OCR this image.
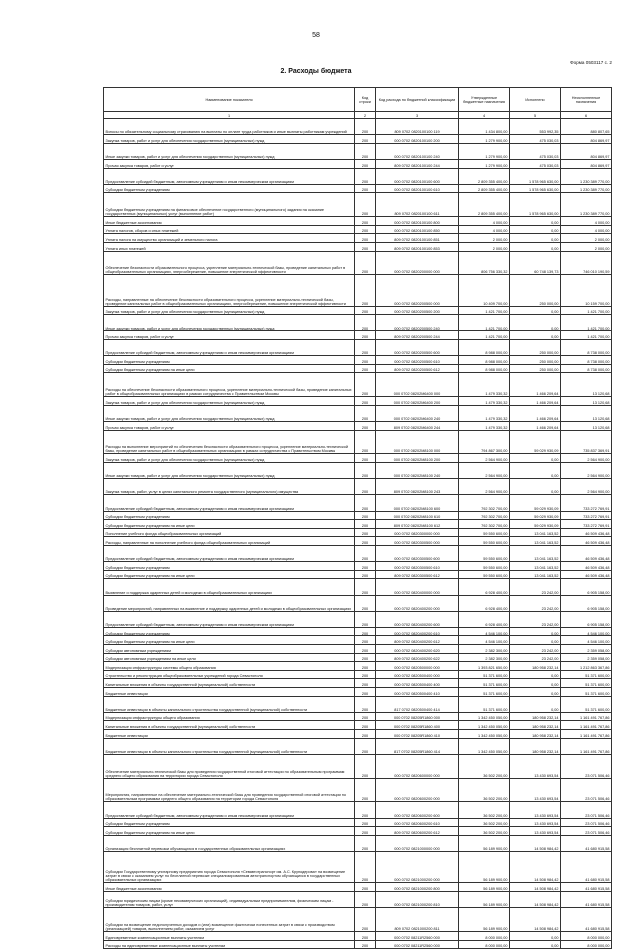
58
Форма 0503117 с. 2
2. Расходы бюджета
Наименование показателя	Код строки	Код расхода по бюджетной классификации	Утвержденные бюджетные назначения	Исполнено	Неисполненные назначения
1	2	3	4	5	6
Взносы по обязательному социальному страхованию на выплаты по оплате труда работников и иные выплаты работникам учреждений	200	809 0702 0820100100 119	1 434 800,00	553 992,35	880 807,65
Закупка товаров, работ и услуг для обеспечения государственных (муниципальных) нужд	200	000 0702 0820100100 200	1 279 900,00	475 030,03	804 869,97
Иные закупки товаров, работ и услуг для обеспечения государственных (муниципальных) нужд	200	000 0702 0820100100 240	1 279 900,00	475 030,03	804 869,97
Прочая закупка товаров, работ и услуг	200	809 0702 0820100100 244	1 279 900,00	475 030,03	804 869,97
Предоставление субсидий бюджетным, автономным учреждениям и иным некоммерческим организациям	200	000 0702 0820100100 600	2 809 355 400,00	1 578 965 630,00	1 230 389 770,00
Субсидии бюджетным учреждениям	200	000 0702 0820100100 610	2 809 355 400,00	1 578 965 630,00	1 230 389 770,00
Субсидии бюджетным учреждениям на финансовое обеспечение государственного (муниципального) задания на оказание государственных (муниципальных) услуг (выполнение работ)	200	809 0702 0820100100 611	2 809 355 400,00	1 578 965 630,00	1 230 389 770,00
Иные бюджетные ассигнования	200	000 0702 0820100100 800	4 000,00	0,00	4 000,00
Уплата налогов, сборов и иных платежей	200	000 0702 0820100100 850	4 000,00	0,00	4 000,00
Уплата налога на имущество организаций и земельного налога	200	809 0702 0820100100 851	2 000,00	0,00	2 000,00
Уплата иных платежей	200	809 0702 0820100100 853	2 000,00	0,00	2 000,00
Обеспечение безопасности образовательного процесса, укрепление материально-технической базы, проведение капитальных работ в общеобразовательных организациях, энергосбережение, повышение энергетической эффективности	200	000 0702 0820200000 000	806 756 330,32	60 748 139,73	746 010 190,59
Расходы, направленные на обеспечение безопасности образовательного процесса, укрепление материально-технической базы, проведение капитальных работ в общеобразовательных организациях, энергосбережение, повышение энергетической эффективности	200	000 0702 0820200500 000	10 409 700,00	250 000,00	10 159 700,00
Закупка товаров, работ и услуг для обеспечения государственных (муниципальных) нужд	200	000 0702 0820200500 200	1 421 700,00	0,00	1 421 700,00
Иные закупки товаров, работ и услуг для обеспечения государственных (муниципальных) нужд	200	000 0702 0820200500 240	1 421 700,00	0,00	1 421 700,00
Прочая закупка товаров, работ и услуг	200	809 0702 0820200500 244	1 421 700,00	0,00	1 421 700,00
Предоставление субсидий бюджетным, автономным учреждениям и иным некоммерческим организациям	200	000 0702 0820200500 600	8 988 000,00	250 000,00	8 738 000,00
Субсидии бюджетным учреждениям	200	000 0702 0820200500 610	8 988 000,00	250 000,00	8 738 000,00
Субсидии бюджетным учреждениям на иные цели	200	809 0702 0820200500 612	8 988 000,00	250 000,00	8 738 000,00
Расходы на обеспечение безопасности образовательного процесса, укрепление материально-технической базы, проведение капитальных работ в общеобразовательных организациях в рамках сотрудничества с Правительством Москвы	200	000 0702 08202M6400 000	1 479 330,32	1 466 209,64	13 120,68
Закупка товаров, работ и услуг для обеспечения государственных (муниципальных) нужд	200	000 0702 08202M6400 200	1 479 330,32	1 466 209,64	13 120,68
Иные закупки товаров, работ и услуг для обеспечения государственных (муниципальных) нужд	200	000 0702 08202M6400 240	1 479 330,32	1 466 209,64	13 120,68
Прочая закупка товаров, работ и услуг	200	809 0702 08202M6400 244	1 479 330,32	1 466 209,64	13 120,68
Расходы на выполнение мероприятий по обеспечению безопасности образовательного процесса, укрепление материально-технической базы, проведение капитальных работ в общеобразовательных организациях в рамках сотрудничества с Правительством Москвы	200	000 0702 08202M8100 000	794 867 300,00	59 029 930,09	735 837 369,91
Закупка товаров, работ и услуг для обеспечения государственных (муниципальных) нужд	200	000 0702 08202M8100 200	2 564 900,00	0,00	2 564 900,00
Иные закупки товаров, работ и услуг для обеспечения государственных (муниципальных) нужд	200	000 0702 08202M8100 240	2 564 900,00	0,00	2 564 900,00
Закупка товаров, работ, услуг в целях капитального ремонта государственного (муниципального) имущества	200	809 0702 08202M8100 243	2 564 900,00	0,00	2 564 900,00
Предоставление субсидий бюджетным, автономным учреждениям и иным некоммерческим организациям	200	000 0702 08202M8100 600	792 302 700,00	59 029 930,09	733 272 769,91
Субсидии бюджетным учреждениям	200	000 0702 08202M8100 610	792 302 700,00	59 029 930,09	733 272 769,91
Субсидии бюджетным учреждениям на иные цели	200	809 0702 08202M8100 612	792 302 700,00	59 029 930,09	733 272 769,91
Пополнение учебного фонда общеобразовательных организаций	200	000 0702 0820300000 000	59 550 600,00	13 041 163,52	46 509 436,48
Расходы, направленные на пополнение учебного фонда общеобразовательных организаций	200	000 0702 0820300500 000	59 550 600,00	13 041 163,52	46 509 436,48
Предоставление субсидий бюджетным, автономным учреждениям и иным некоммерческим организациям	200	000 0702 0820300500 600	59 550 600,00	13 041 163,52	46 509 436,48
Субсидии бюджетным учреждениям	200	000 0702 0820300500 610	59 550 600,00	13 041 163,52	46 509 436,48
Субсидии бюджетным учреждениям на иные цели	200	809 0702 0820300500 612	59 550 600,00	13 041 163,52	46 509 436,48
Выявление и поддержка одаренных детей и молодежи в общеобразовательных организациях	200	000 0702 0820400000 000	6 928 400,00	23 242,00	6 905 158,00
Проведение мероприятий, направленных на выявление и поддержку одаренных детей и молодежи в общеобразовательных организациях	200	000 0702 0820400200 000	6 928 400,00	23 242,00	6 905 158,00
Предоставление субсидий бюджетным, автономным учреждениям и иным некоммерческим организациям	200	000 0702 0820400200 600	6 928 400,00	23 242,00	6 905 158,00
Субсидии бюджетным учреждениям	200	000 0702 0820400200 610	4 546 100,00	0,00	4 546 100,00
Субсидии бюджетным учреждениям на иные цели	200	809 0702 0820400200 612	4 546 100,00	0,00	4 546 100,00
Субсидии автономным учреждениям	200	000 0702 0820400200 620	2 382 300,00	23 242,00	2 359 058,00
Субсидии автономным учреждениям на иные цели	200	809 0702 0820400200 622	2 382 300,00	23 242,00	2 359 058,00
Модернизация инфраструктуры системы общего образования	200	000 0702 0820500000 000	1 393 821 650,00	180 958 232,14	1 212 863 367,86
Строительство и реконструкция общеобразовательных учреждений города Севастополя	200	000 0702 0820500400 000	51 371 600,00	0,00	51 371 600,00
Капитальные вложения в объекты государственной (муниципальной) собственности	200	000 0702 0820500400 400	51 371 600,00	0,00	51 371 600,00
Бюджетные инвестиции	200	000 0702 0820500400 410	51 371 600,00	0,00	51 371 600,00
Бюджетные инвестиции в объекты капитального строительства государственной (муниципальной) собственности	200	817 0702 0820500400 414	51 371 600,00	0,00	51 371 600,00
Модернизация инфраструктуры общего образования	200	000 0702 08205R1860 000	1 342 450 050,00	180 958 232,14	1 161 491 767,86
Капитальные вложения в объекты государственной (муниципальной) собственности	200	000 0702 08205R1860 400	1 342 450 050,00	180 958 232,14	1 161 491 767,86
Бюджетные инвестиции	200	000 0702 08205R1860 410	1 342 450 050,00	180 958 232,14	1 161 491 767,86
Бюджетные инвестиции в объекты капитального строительства государственной (муниципальной) собственности	200	817 0702 08205R1860 414	1 342 450 050,00	180 958 232,14	1 161 491 767,86
Обеспечение материально-технической базы для проведения государственной итоговой аттестации по образовательным программам среднего общего образования на территории города Севастополя	200	000 0702 0820600000 000	36 502 200,00	13 430 693,54	23 071 506,46
Мероприятия, направленные на обеспечение материально-технической базы для проведения государственной итоговой аттестации по образовательным программам среднего общего образования на территории города Севастополя	200	000 0702 0820600200 000	36 502 200,00	13 430 693,54	23 071 506,46
Предоставление субсидий бюджетным, автономным учреждениям и иным некоммерческим организациям	200	000 0702 0820600200 600	36 502 200,00	13 430 693,54	23 071 506,46
Субсидии бюджетным учреждениям	200	000 0702 0820600200 610	36 502 200,00	13 430 693,54	23 071 506,46
Субсидии бюджетным учреждениям на иные цели	200	809 0702 0820600200 612	36 502 200,00	13 430 693,54	23 071 506,46
Организация бесплатной перевозки обучающихся в государственных образовательных организациях	200	000 0702 0821000000 000	56 189 900,00	14 508 984,42	41 680 915,58
Субсидии Государственному унитарному предприятию города Севастополя «Севавтотранспорт им. А.С. Круподерова» на возмещение затрат в связи с оказанием услуг по бесплатной перевозке специализированным автотранспортом обучающихся в государственных образовательных организациях	200	000 0702 0821000200 000	56 189 900,00	14 508 984,42	41 680 915,58
Иные бюджетные ассигнования	200	000 0702 0821000200 800	56 189 900,00	14 508 984,42	41 680 915,58
Субсидии юридическим лицам (кроме некоммерческих организаций), индивидуальным предпринимателям, физическим лицам - производителям товаров, работ, услуг	200	000 0702 0821000200 810	56 189 900,00	14 508 984,42	41 680 915,58
Субсидии на возмещение недополученных доходов и (или) возмещение фактически понесенных затрат в связи с производством (реализацией) товаров, выполнением работ, оказанием услуг	200	809 0702 0821000200 811	56 189 900,00	14 508 984,42	41 680 915,58
Единовременные компенсационные выплаты учителям	200	000 0702 08211R2560 000	8 000 000,00	0,00	8 000 000,00
Расходы на единовременные компенсационные выплаты учителям	200	000 0702 08211R2560 000	8 000 000,00	0,00	8 000 000,00
